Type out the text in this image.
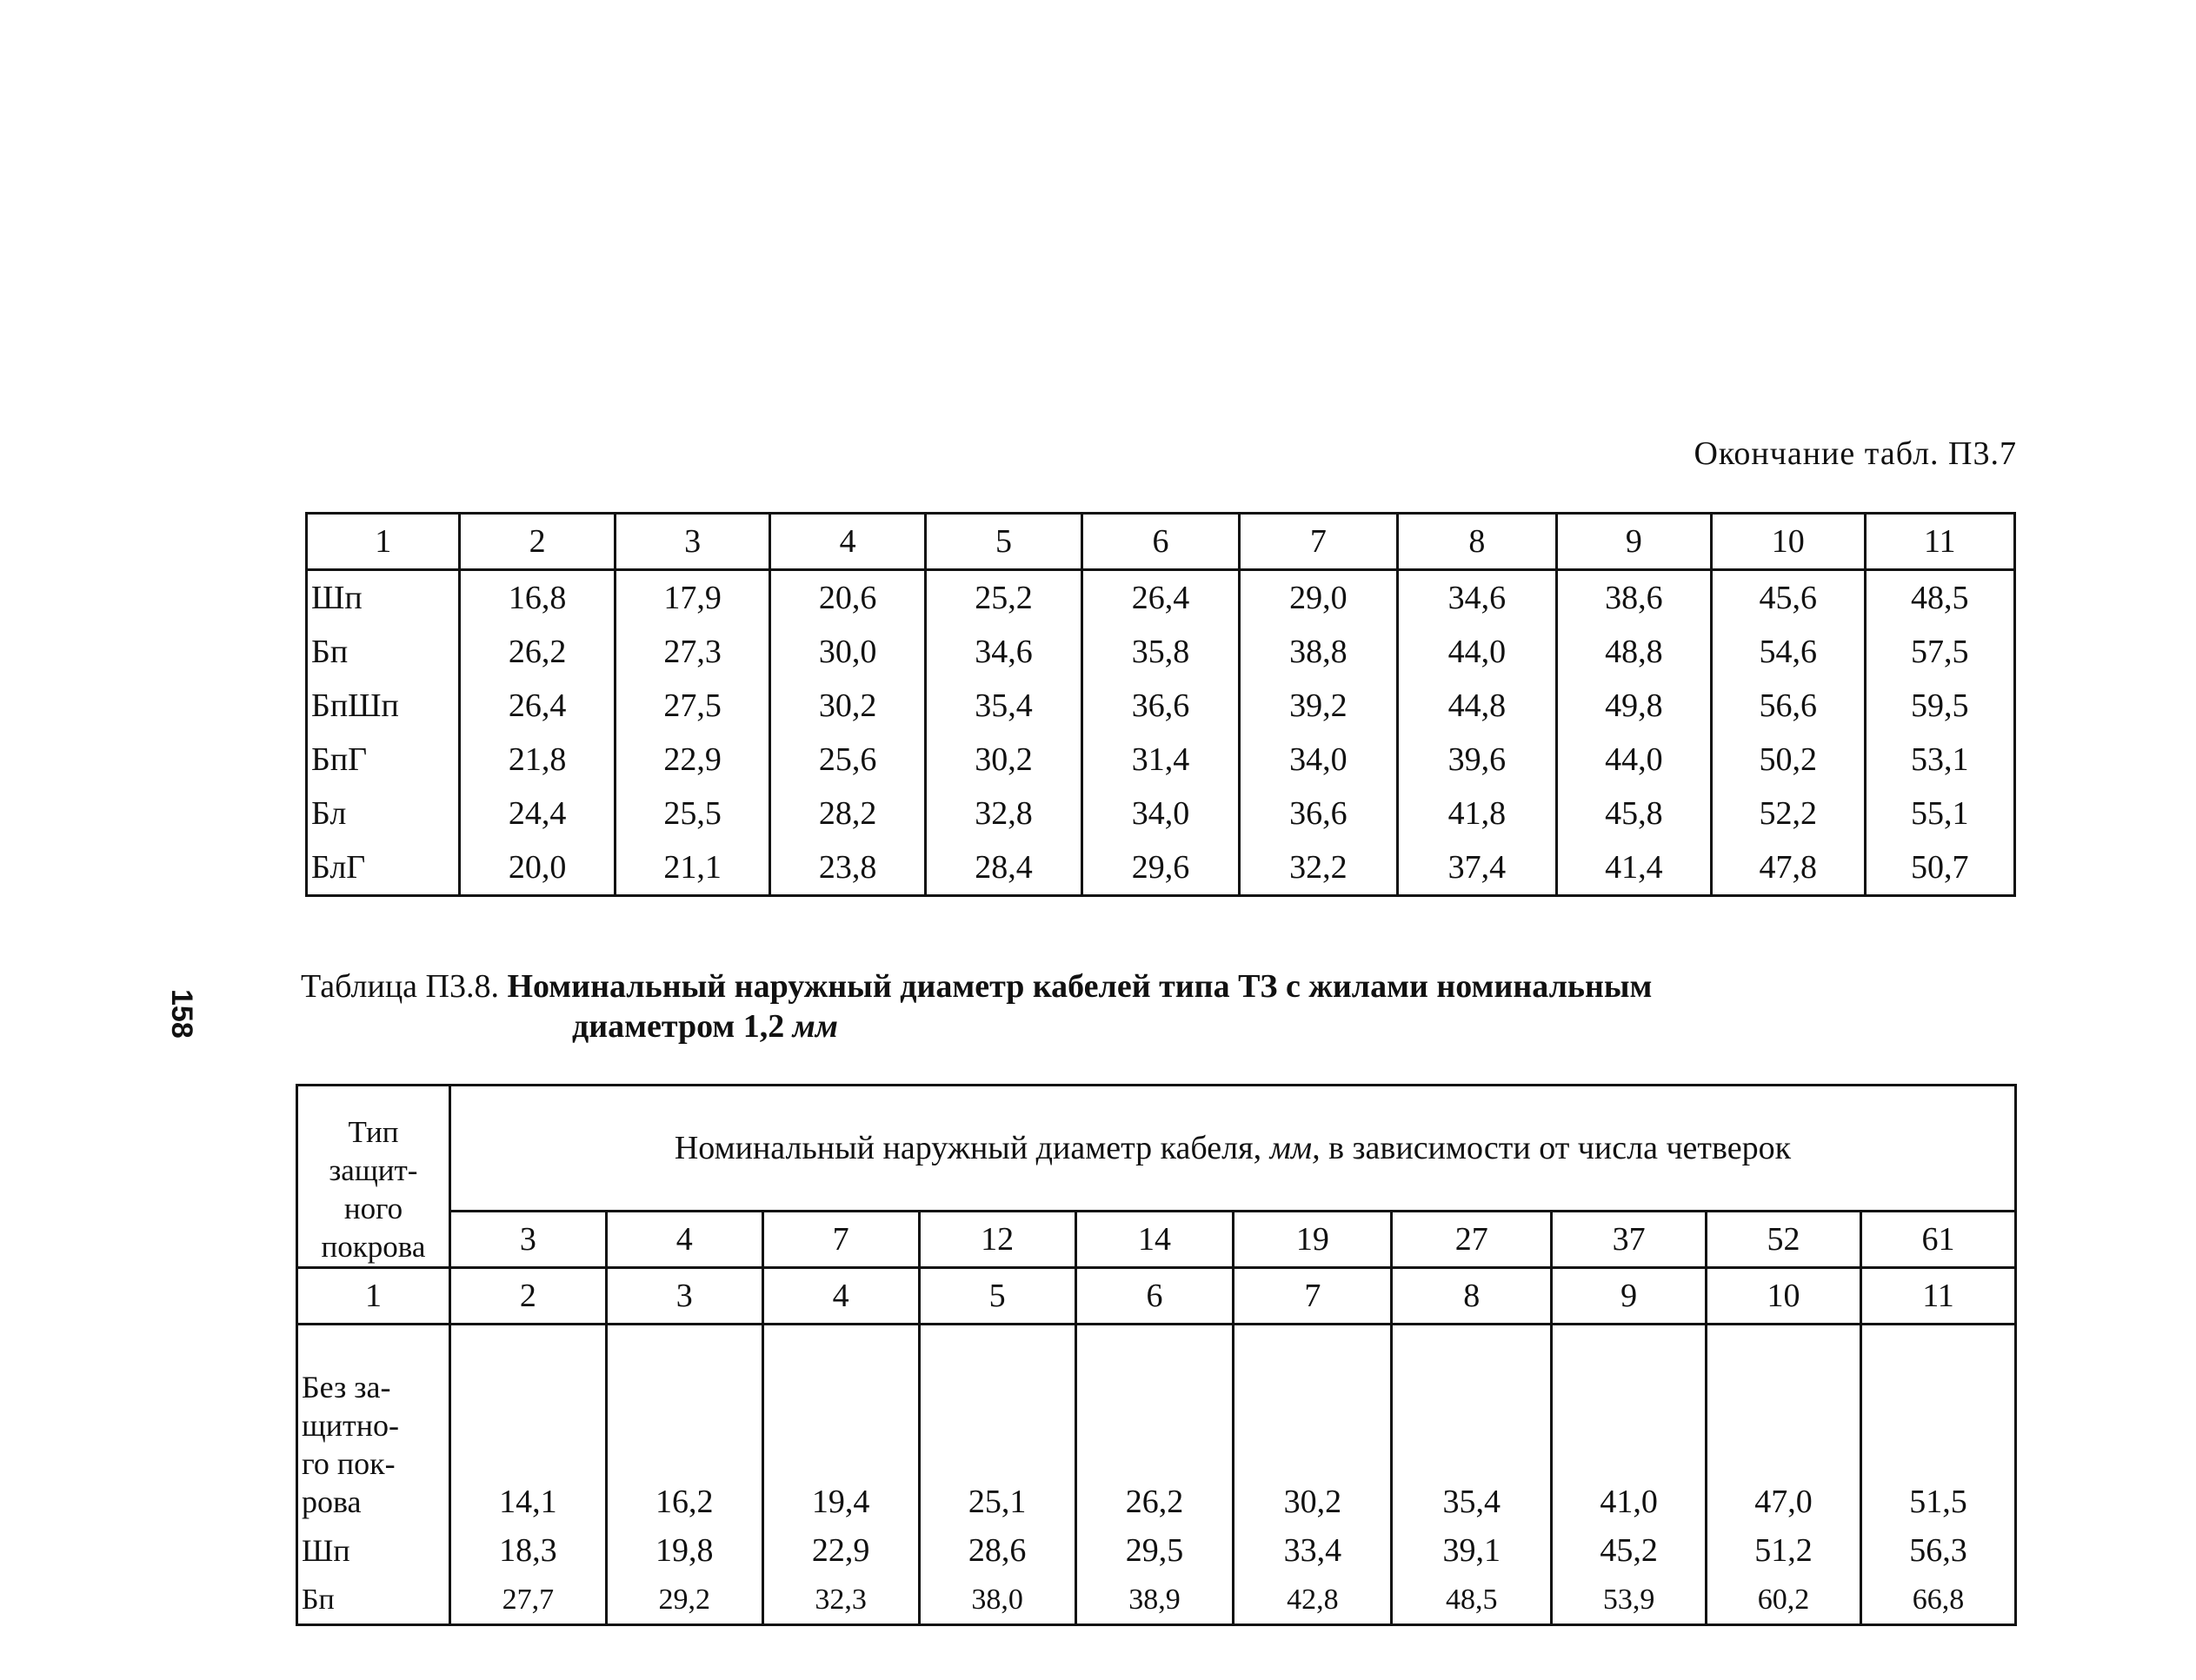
Окончание табл. П3.7
1	2	3	4	5	6	7	8	9	10	11
Шп	16,8	17,9	20,6	25,2	26,4	29,0	34,6	38,6	45,6	48,5
Бп	26,2	27,3	30,0	34,6	35,8	38,8	44,0	48,8	54,6	57,5
БпШп	26,4	27,5	30,2	35,4	36,6	39,2	44,8	49,8	56,6	59,5
БпГ	21,8	22,9	25,6	30,2	31,4	34,0	39,6	44,0	50,2	53,1
Бл	24,4	25,5	28,2	32,8	34,0	36,6	41,8	45,8	52,2	55,1
БлГ	20,0	21,1	23,8	28,4	29,6	32,2	37,4	41,4	47,8	50,7
158
Таблица П3.8. Номинальный наружный диаметр кабелей типа ТЗ с жилами номинальным
диаметром 1,2 мм
Тип
защит-
ного
покрова	Номинальный наружный диаметр кабеля, мм, в зависимости от числа четверок									
	3	4	7	12	14	19	27	37	52	61
1	2	3	4	5	6	7	8	9	10	11

Без за-
щитно-
го пок-
рова	14,1	16,2	19,4	25,1	26,2	30,2	35,4	41,0	47,0	51,5
Шп	18,3	19,8	22,9	28,6	29,5	33,4	39,1	45,2	51,2	56,3
Бп	27,7	29,2	32,3	38,0	38,9	42,8	48,5	53,9	60,2	66,8
